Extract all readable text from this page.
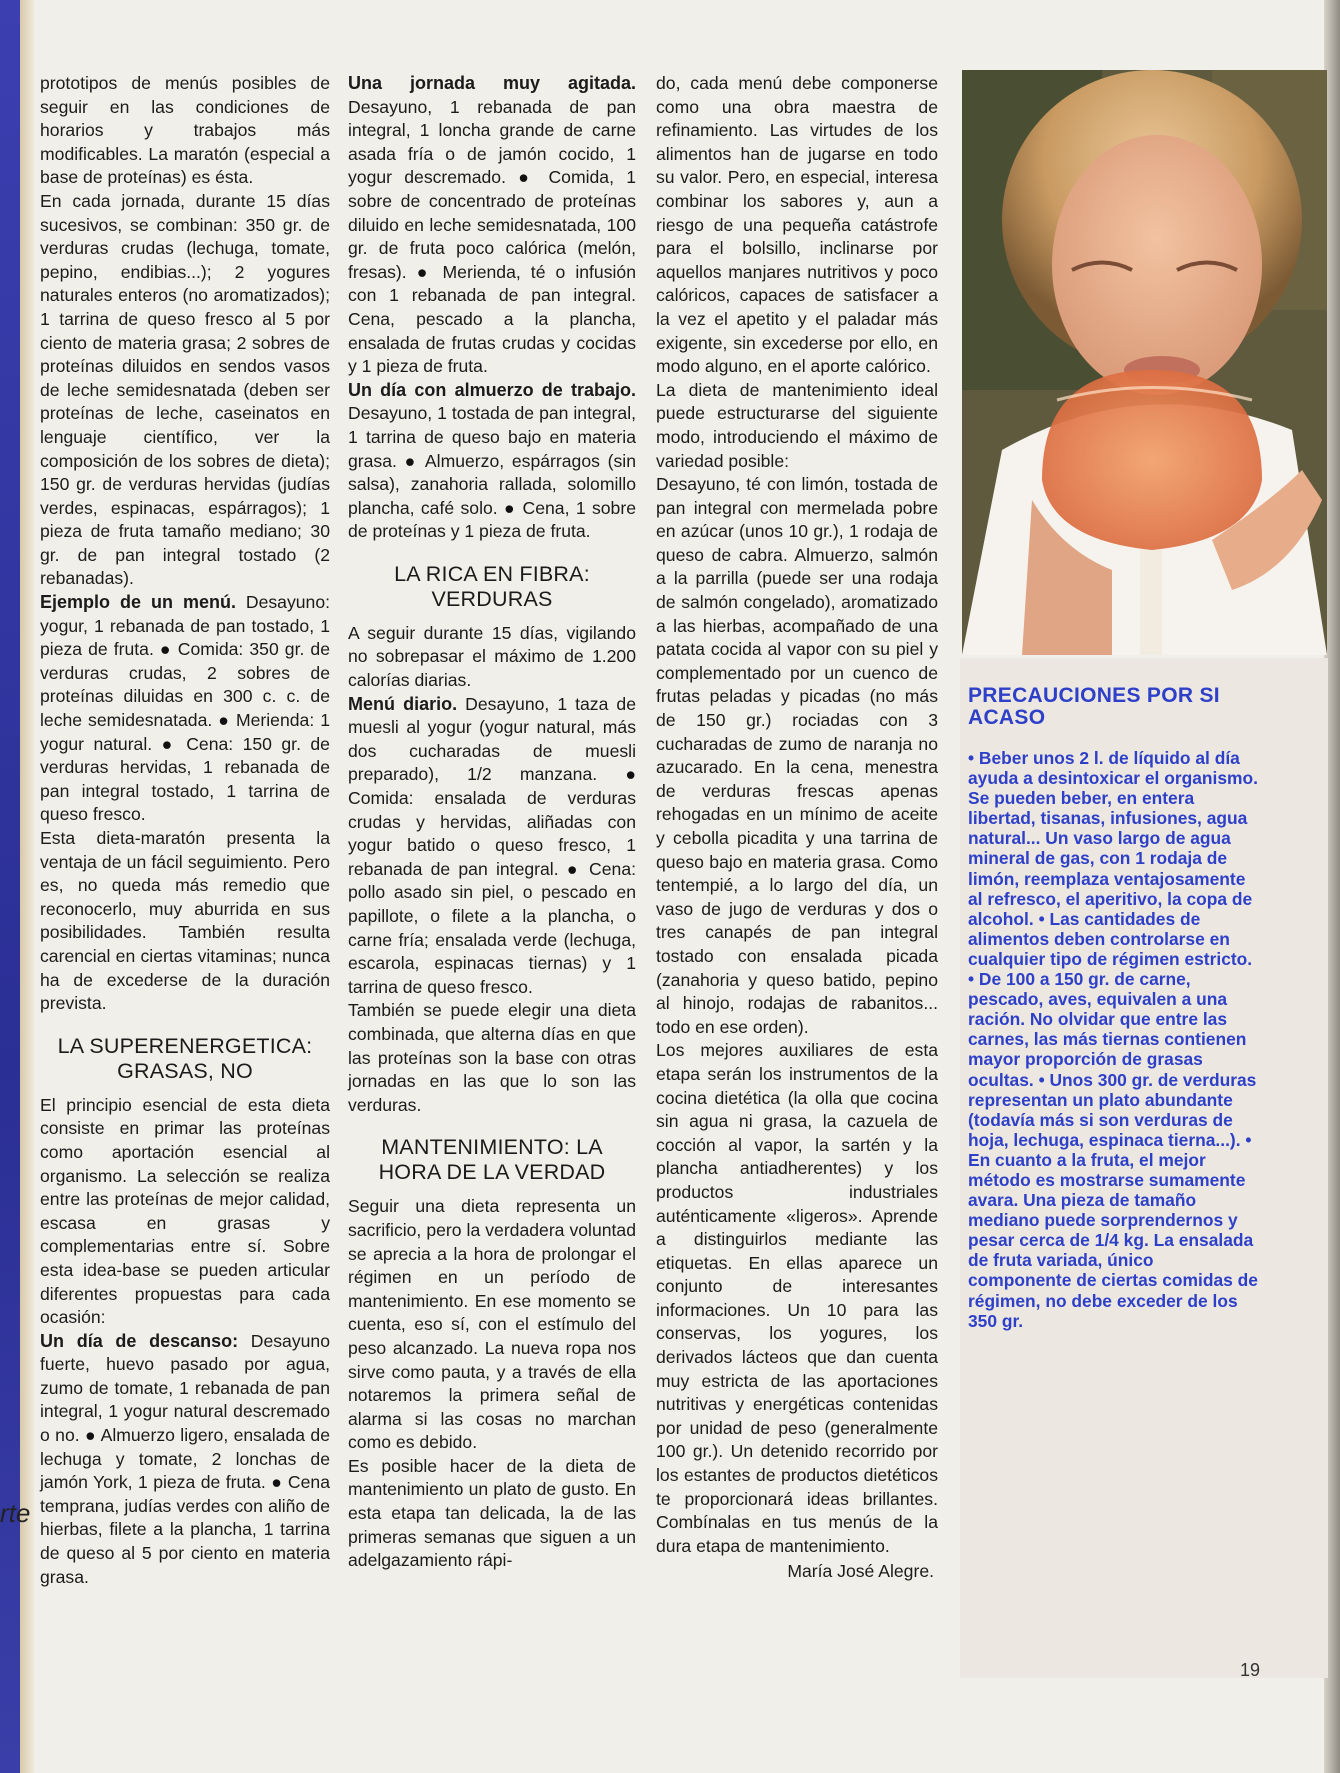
rte

prototipos de menús posibles de seguir en las condiciones de horarios y trabajos más modificables. La maratón (especial a base de proteínas) es ésta.

En cada jornada, durante 15 días sucesivos, se combinan: 350 gr. de verduras crudas (lechuga, tomate, pepino, endibias...); 2 yogures naturales enteros (no aromatizados); 1 tarrina de queso fresco al 5 por ciento de materia grasa; 2 sobres de proteínas diluidos en sendos vasos de leche semidesnatada (deben ser proteínas de leche, caseinatos en lenguaje científico, ver la composición de los sobres de dieta); 150 gr. de verduras hervidas (judías verdes, espinacas, espárragos); 1 pieza de fruta tamaño mediano; 30 gr. de pan integral tostado (2 rebanadas).

Ejemplo de un menú. Desayuno: yogur, 1 rebanada de pan tostado, 1 pieza de fruta. ● Comida: 350 gr. de verduras crudas, 2 sobres de proteínas diluidas en 300 c. c. de leche semidesnatada. ● Merienda: 1 yogur natural. ● Cena: 150 gr. de verduras hervidas, 1 rebanada de pan integral tostado, 1 tarrina de queso fresco.

Esta dieta-maratón presenta la ventaja de un fácil seguimiento. Pero es, no queda más remedio que reconocerlo, muy aburrida en sus posibilidades. También resulta carencial en ciertas vitaminas; nunca ha de excederse de la duración prevista.

LA SUPERENERGETICA: GRASAS, NO

El principio esencial de esta dieta consiste en primar las proteínas como aportación esencial al organismo. La selección se realiza entre las proteínas de mejor calidad, escasa en grasas y complementarias entre sí. Sobre esta idea-base se pueden articular diferentes propuestas para cada ocasión:

Un día de descanso: Desayuno fuerte, huevo pasado por agua, zumo de tomate, 1 rebanada de pan integral, 1 yogur natural descremado o no. ● Almuerzo ligero, ensalada de lechuga y tomate, 2 lonchas de jamón York, 1 pieza de fruta. ● Cena temprana, judías verdes con aliño de hierbas, filete a la plancha, 1 tarrina de queso al 5 por ciento en materia grasa.

Una jornada muy agitada. Desayuno, 1 rebanada de pan integral, 1 loncha grande de carne asada fría o de jamón cocido, 1 yogur descremado. ● Comida, 1 sobre de concentrado de proteínas diluido en leche semidesnatada, 100 gr. de fruta poco calórica (melón, fresas). ● Merienda, té o infusión con 1 rebanada de pan integral. Cena, pescado a la plancha, ensalada de frutas crudas y cocidas y 1 pieza de fruta.

Un día con almuerzo de trabajo. Desayuno, 1 tostada de pan integral, 1 tarrina de queso bajo en materia grasa. ● Almuerzo, espárragos (sin salsa), zanahoria rallada, solomillo plancha, café solo. ● Cena, 1 sobre de proteínas y 1 pieza de fruta.

LA RICA EN FIBRA: VERDURAS

A seguir durante 15 días, vigilando no sobrepasar el máximo de 1.200 calorías diarias.

Menú diario. Desayuno, 1 taza de muesli al yogur (yogur natural, más dos cucharadas de muesli preparado), 1/2 manzana. ● Comida: ensalada de verduras crudas y hervidas, aliñadas con yogur batido o queso fresco, 1 rebanada de pan integral. ● Cena: pollo asado sin piel, o pescado en papillote, o filete a la plancha, o carne fría; ensalada verde (lechuga, escarola, espinacas tiernas) y 1 tarrina de queso fresco.

También se puede elegir una dieta combinada, que alterna días en que las proteínas son la base con otras jornadas en las que lo son las verduras.

MANTENIMIENTO: LA HORA DE LA VERDAD

Seguir una dieta representa un sacrificio, pero la verdadera voluntad se aprecia a la hora de prolongar el régimen en un período de mantenimiento. En ese momento se cuenta, eso sí, con el estímulo del peso alcanzado. La nueva ropa nos sirve como pauta, y a través de ella notaremos la primera señal de alarma si las cosas no marchan como es debido.

Es posible hacer de la dieta de mantenimiento un plato de gusto. En esta etapa tan delicada, la de las primeras semanas que siguen a un adelgazamiento rápi-

do, cada menú debe componerse como una obra maestra de refinamiento. Las virtudes de los alimentos han de jugarse en todo su valor. Pero, en especial, interesa combinar los sabores y, aun a riesgo de una pequeña catástrofe para el bolsillo, inclinarse por aquellos manjares nutritivos y poco calóricos, capaces de satisfacer a la vez el apetito y el paladar más exigente, sin excederse por ello, en modo alguno, en el aporte calórico.

La dieta de mantenimiento ideal puede estructurarse del siguiente modo, introduciendo el máximo de variedad posible:

Desayuno, té con limón, tostada de pan integral con mermelada pobre en azúcar (unos 10 gr.), 1 rodaja de queso de cabra. Almuerzo, salmón a la parrilla (puede ser una rodaja de salmón congelado), aromatizado a las hierbas, acompañado de una patata cocida al vapor con su piel y complementado por un cuenco de frutas peladas y picadas (no más de 150 gr.) rociadas con 3 cucharadas de zumo de naranja no azucarado. En la cena, menestra de verduras frescas apenas rehogadas en un mínimo de aceite y cebolla picadita y una tarrina de queso bajo en materia grasa. Como tentempié, a lo largo del día, un vaso de jugo de verduras y dos o tres canapés de pan integral tostado con ensalada picada (zanahoria y queso batido, pepino al hinojo, rodajas de rabanitos... todo en ese orden).

Los mejores auxiliares de esta etapa serán los instrumentos de la cocina dietética (la olla que cocina sin agua ni grasa, la cazuela de cocción al vapor, la sartén y la plancha antiadherentes) y los productos industriales auténticamente «ligeros». Aprende a distinguirlos mediante las etiquetas. En ellas aparece un conjunto de interesantes informaciones. Un 10 para las conservas, los yogures, los derivados lácteos que dan cuenta muy estricta de las aportaciones nutritivas y energéticas contenidas por unidad de peso (generalmente 100 gr.). Un detenido recorrido por los estantes de productos dietéticos te proporcionará ideas brillantes. Combínalas en tus menús de la dura etapa de mantenimiento.

María José Alegre.

PRECAUCIONES POR SI ACASO
• Beber unos 2 l. de líquido al día ayuda a desintoxicar el organismo. Se pueden beber, en entera libertad, tisanas, infusiones, agua natural... Un vaso largo de agua mineral de gas, con 1 rodaja de limón, reemplaza ventajosamente al refresco, el aperitivo, la copa de alcohol. • Las cantidades de alimentos deben controlarse en cualquier tipo de régimen estricto. • De 100 a 150 gr. de carne, pescado, aves, equivalen a una ración. No olvidar que entre las carnes, las más tiernas contienen mayor proporción de grasas ocultas. • Unos 300 gr. de verduras representan un plato abundante (todavía más si son verduras de hoja, lechuga, espinaca tierna...). • En cuanto a la fruta, el mejor método es mostrarse sumamente avara. Una pieza de tamaño mediano puede sorprendernos y pesar cerca de 1/4 kg. La ensalada de fruta variada, único componente de ciertas comidas de régimen, no debe exceder de los 350 gr.
19
